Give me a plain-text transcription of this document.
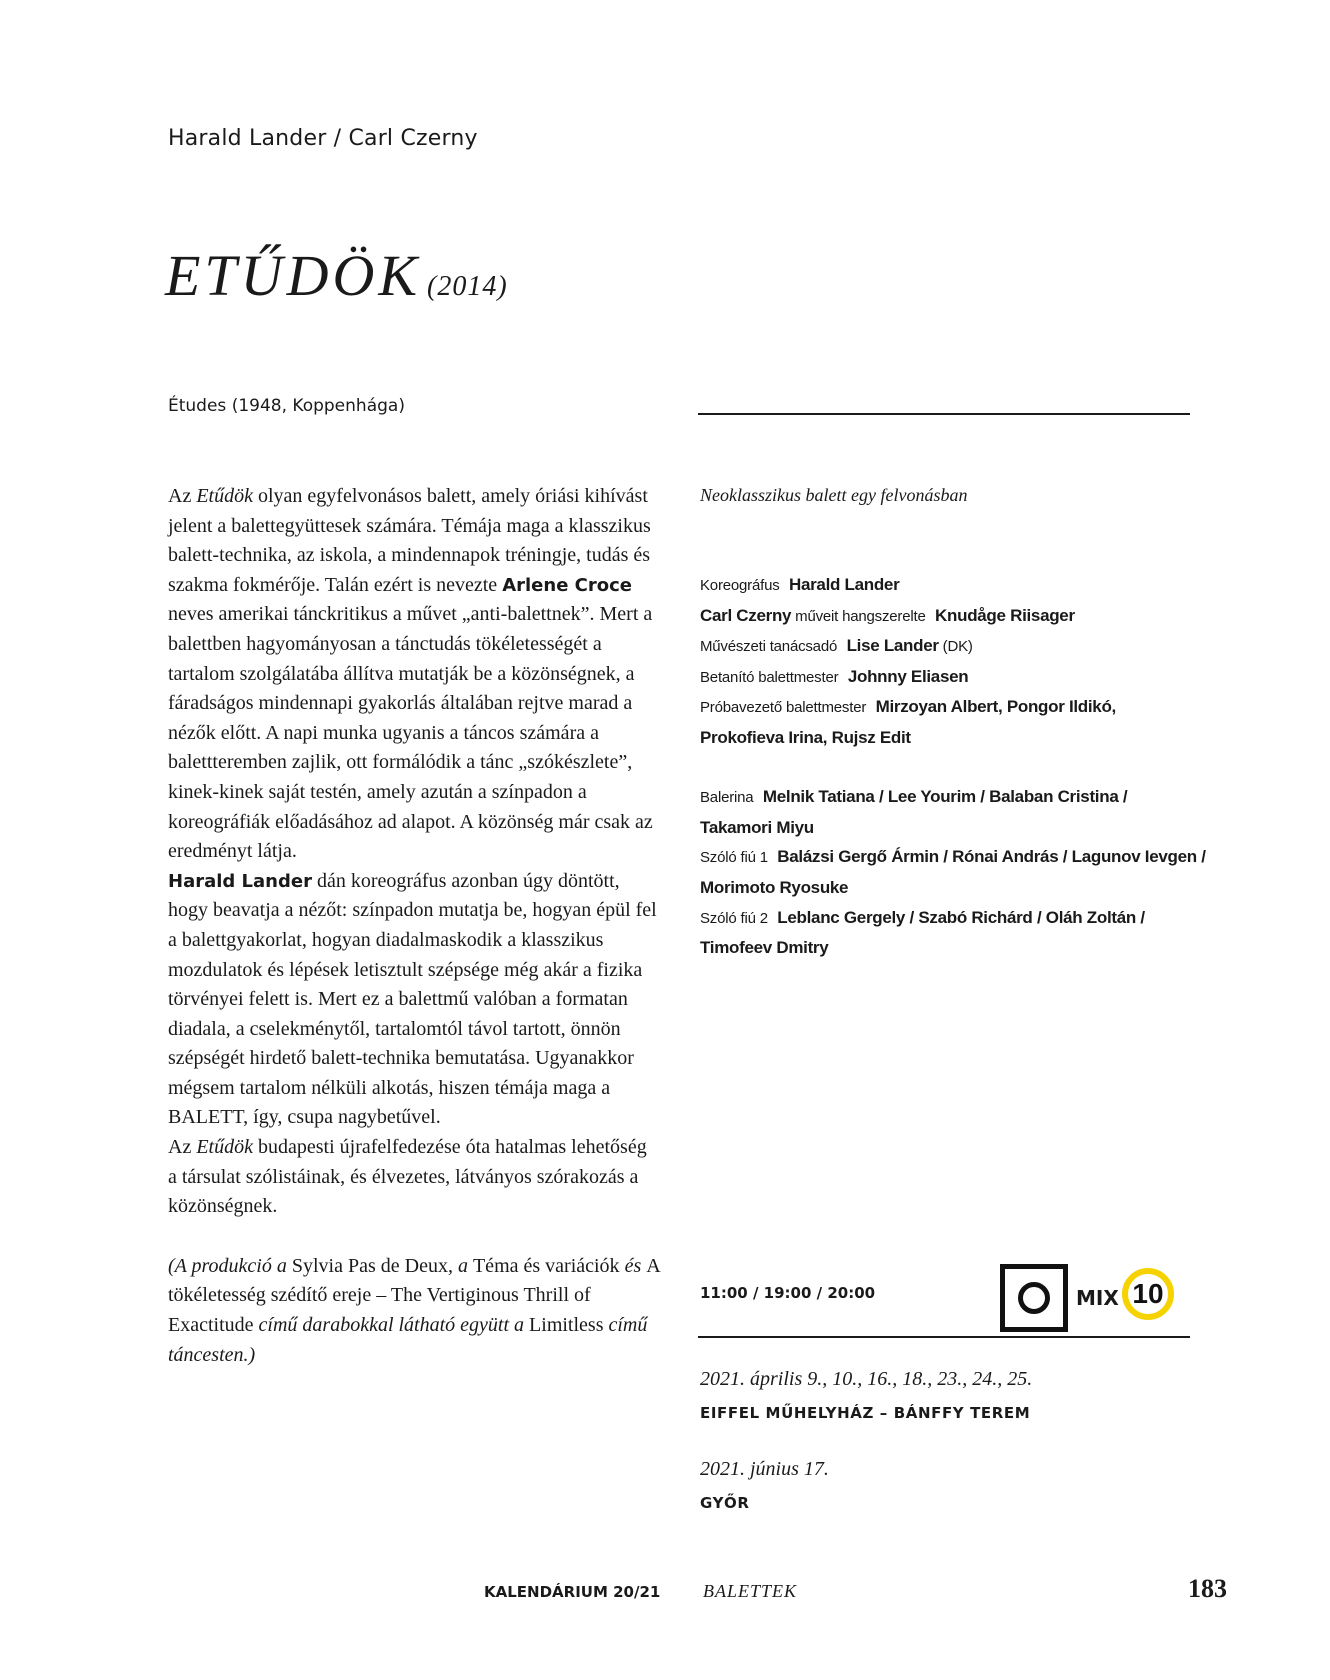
Harald Lander / Carl Czerny
ETŰDÖK (2014)
Études (1948, Koppenhága)

Az Etűdök olyan egyfelvonásos balett, amely óriási kihívást jelent a balettegyüttesek számára. Témája maga a klasszikus balett-technika, az iskola, a mindennapok tréningje, tudás és szakma fokmérője. Talán ezért is nevezte Arlene Croce neves amerikai tánckritikus a művet „anti-balettnek”. Mert a balettben hagyományosan a tánctudás tökéletességét a tartalom szolgálatába állítva mutatják be a közönségnek, a fáradságos mindennapi gyakorlás általában rejtve marad a nézők előtt. A napi munka ugyanis a táncos számára a balettteremben zajlik, ott formálódik a tánc „szókészlete”, kinek-kinek saját testén, amely azután a színpadon a koreográfiák előadásához ad alapot. A közönség már csak az eredményt látja.

Harald Lander dán koreográfus azonban úgy döntött, hogy beavatja a nézőt: színpadon mutatja be, hogyan épül fel a balettgyakorlat, hogyan diadalmaskodik a klasszikus mozdulatok és lépések letisztult szépsége még akár a fizika törvényei felett is. Mert ez a balettmű valóban a formatan diadala, a cselekménytől, tartalomtól távol tartott, önnön szépségét hirdető balett-technika bemutatása. Ugyanakkor mégsem tartalom nélküli alkotás, hiszen témája maga a BALETT, így, csupa nagybetűvel.

Az Etűdök budapesti újrafelfedezése óta hatalmas lehetőség a társulat szólistáinak, és élvezetes, látványos szórakozás a közönségnek.

(A produkció a Sylvia Pas de Deux, a Téma és variációk és A tökéletesség szédítő ereje – The Vertiginous Thrill of Exactitude című darabokkal látható együtt a Limitless című táncesten.)

Neoklasszikus balett egy felvonásban
Koreográfus Harald Lander
Carl Czerny műveit hangszerelte Knudåge Riisager
Művészeti tanácsadó Lise Lander (DK)
Betanító balettmester Johnny Eliasen
Próbavezető balettmester Mirzoyan Albert, Pongor Ildikó,
Prokofieva Irina, Rujsz Edit
Balerina Melnik Tatiana / Lee Yourim / Balaban Cristina /
Takamori Miyu
Szóló fiú 1 Balázsi Gergő Ármin / Rónai András / Lagunov Ievgen /
Morimoto Ryosuke
Szóló fiú 2 Leblanc Gergely / Szabó Richárd / Oláh Zoltán /
Timofeev Dmitry
11:00 / 19:00 / 20:00	MIX 10
2021. április 9., 10., 16., 18., 23., 24., 25.
EIFFEL MŰHELYHÁZ – BÁNFFY TEREM
2021. június 17.
GYŐR
KALENDÁRIUM 20/21 BALETTEK	183
